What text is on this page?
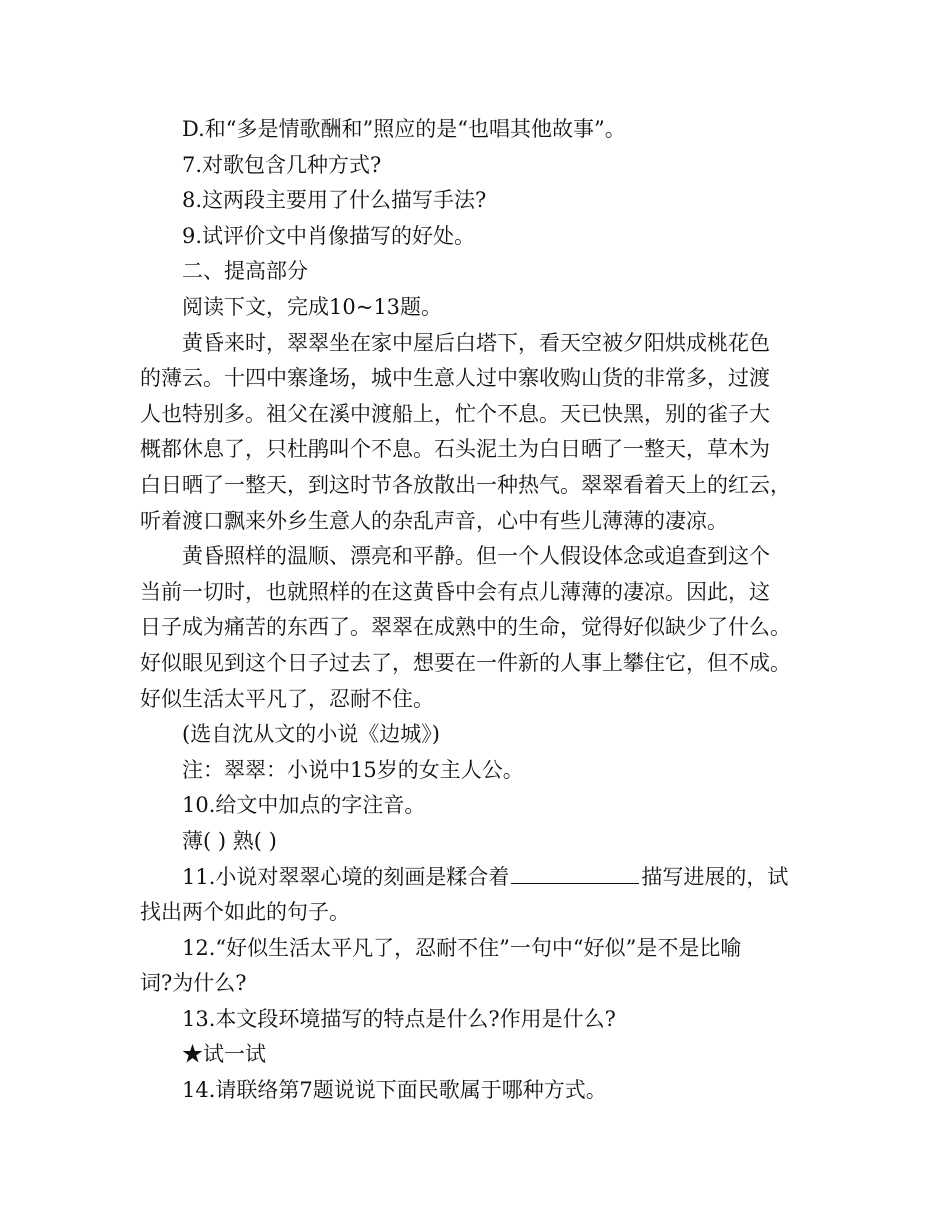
D.和“多是情歌酬和”照应的是“也唱其他故事”。
7.对歌包含几种方式?
8.这两段主要用了什么描写手法?
9.试评价文中肖像描写的好处。
二、提高部分
阅读下文，完成10~13题。
黄昏来时，翠翠坐在家中屋后白塔下，看天空被夕阳烘成桃花色
的薄云。十四中寨逢场，城中生意人过中寨收购山货的非常多，过渡
人也特别多。祖父在溪中渡船上，忙个不息。天已快黑，别的雀子大
概都休息了，只杜鹃叫个不息。石头泥土为白日晒了一整天，草木为
白日晒了一整天，到这时节各放散出一种热气。翠翠看着天上的红云，
听着渡口飘来外乡生意人的杂乱声音，心中有些儿薄薄的凄凉。
黄昏照样的温顺、漂亮和平静。但一个人假设体念或追查到这个
当前一切时，也就照样的在这黄昏中会有点儿薄薄的凄凉。因此，这
日子成为痛苦的东西了。翠翠在成熟中的生命，觉得好似缺少了什么。
好似眼见到这个日子过去了，想要在一件新的人事上攀住它，但不成。
好似生活太平凡了，忍耐不住。
(选自沈从文的小说《边城》)
注：翠翠：小说中15岁的女主人公。
10.给文中加点的字注音。
薄( ) 熟( )
11.小说对翠翠心境的刻画是糅合着	描写进展的，试
找出两个如此的句子。
12.“好似生活太平凡了，忍耐不住”一句中“好似”是不是比喻
词?为什么?
13.本文段环境描写的特点是什么?作用是什么?
★试一试
14.请联络第7题说说下面民歌属于哪种方式。
